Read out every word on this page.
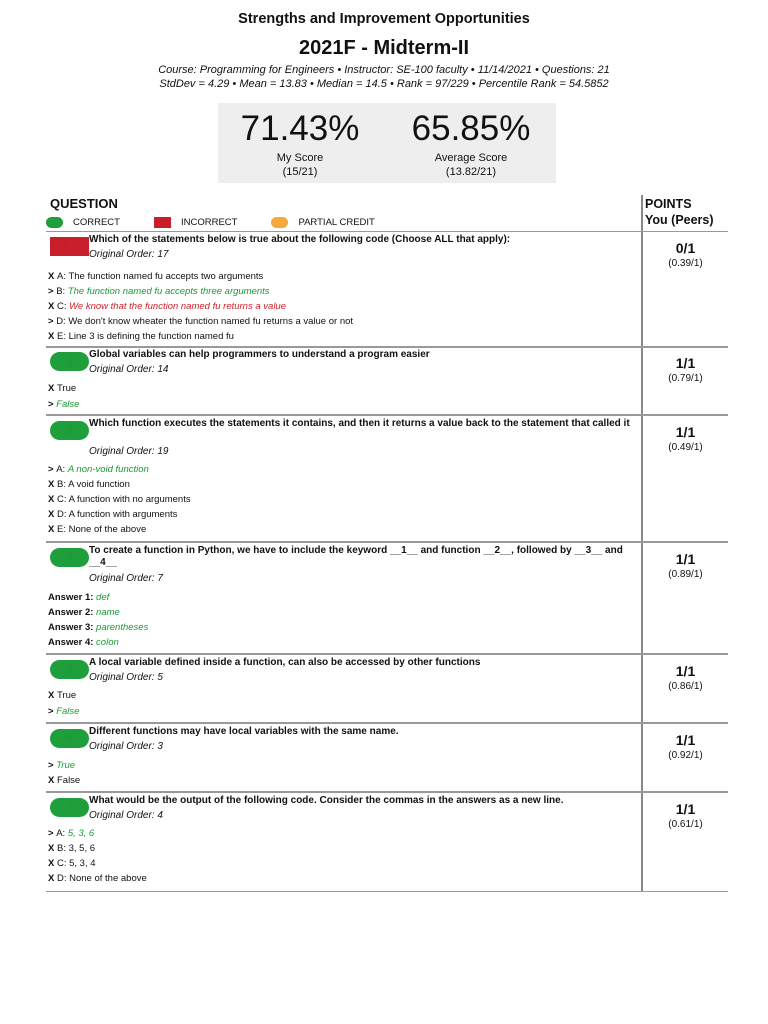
Strengths and Improvement Opportunities
2021F - Midterm-II
Course: Programming for Engineers • Instructor: SE-100 faculty • 11/14/2021 • Questions: 21
StdDev = 4.29 • Mean = 13.83 • Median = 14.5 • Rank = 97/229 • Percentile Rank = 54.5852
71.43%
My Score
(15/21)
65.85%
Average Score
(13.82/21)
QUESTION
CORRECT	INCORRECT	PARTIAL CREDIT
POINTS
You (Peers)
1	Which of the statements below is true about the following code (Choose ALL that apply):
Original Order: 17
X A: The function named fu accepts two arguments
> B: The function named fu accepts three arguments
X C: We know that the function named fu returns a value
> D: We don't know wheater the function named fu returns a value or not
X E: Line 3 is defining the function named fu
0/1
(0.39/1)
2	Global variables can help programmers to understand a program easier
Original Order: 14
X True
> False
1/1
(0.79/1)
3	Which function executes the statements it contains, and then it returns a value back to the statement that called it
Original Order: 19
> A: A non-void function
X B: A void function
X C: A function with no arguments
X D: A function with arguments
X E: None of the above
1/1
(0.49/1)
4	To create a function in Python, we have to include the keyword __1__ and function __2__, followed by __3__ and __4__
Original Order: 7
Answer 1: def
Answer 2: name
Answer 3: parentheses
Answer 4: colon
1/1
(0.89/1)
5	A local variable defined inside a function, can also be accessed by other functions
Original Order: 5
X True
> False
1/1
(0.86/1)
6	Different functions may have local variables with the same name.
Original Order: 3
> True
X False
1/1
(0.92/1)
7	What would be the output of the following code. Consider the commas in the answers as a new line.
Original Order: 4
> A: 5, 3, 6
X B: 3, 5, 6
X C: 5, 3, 4
X D: None of the above
1/1
(0.61/1)
